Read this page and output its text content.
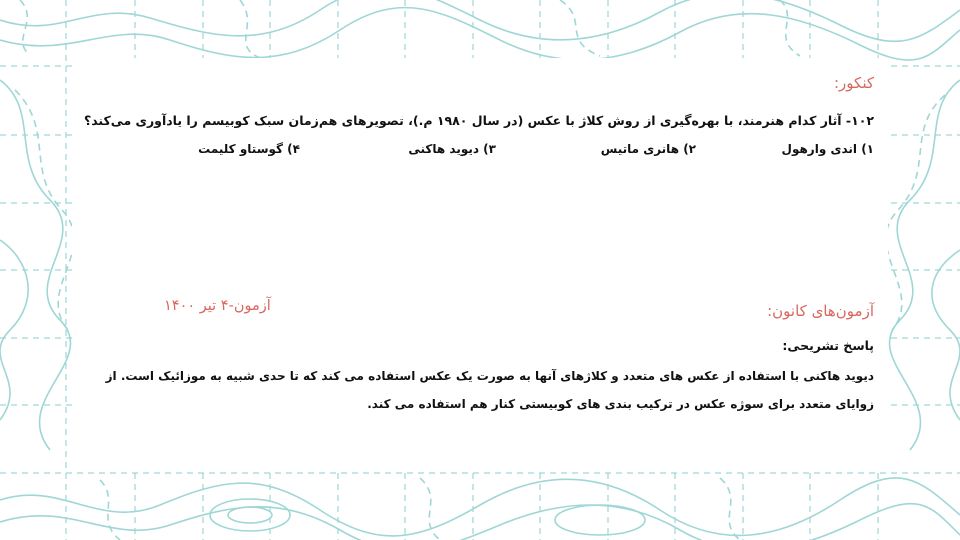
کنکور:
۱۰۲- آثار کدام هنرمند، با بهره‌گیری از روش کلاژ با عکس (در سال ۱۹۸۰ م.)، تصویرهای هم‌زمان سبک کوبیسم را یادآوری می‌کند؟
۱) اندی وارهول
۲) هانری ماتیس
۳) دیوید هاکنی
۴) گوستاو کلیمت
آزمون‌های کانون:
آزمون-۴ تیر ۱۴۰۰
پاسخ تشریحی:
دیوید هاکنی با استفاده از عکس های متعدد و کلاژهای آنها به صورت یک عکس استفاده می کند که تا حدی شبیه به موزائیک است. از زوایای متعدد برای سوژه عکس در ترکیب بندی های کوبیستی کنار هم استفاده می کند.
